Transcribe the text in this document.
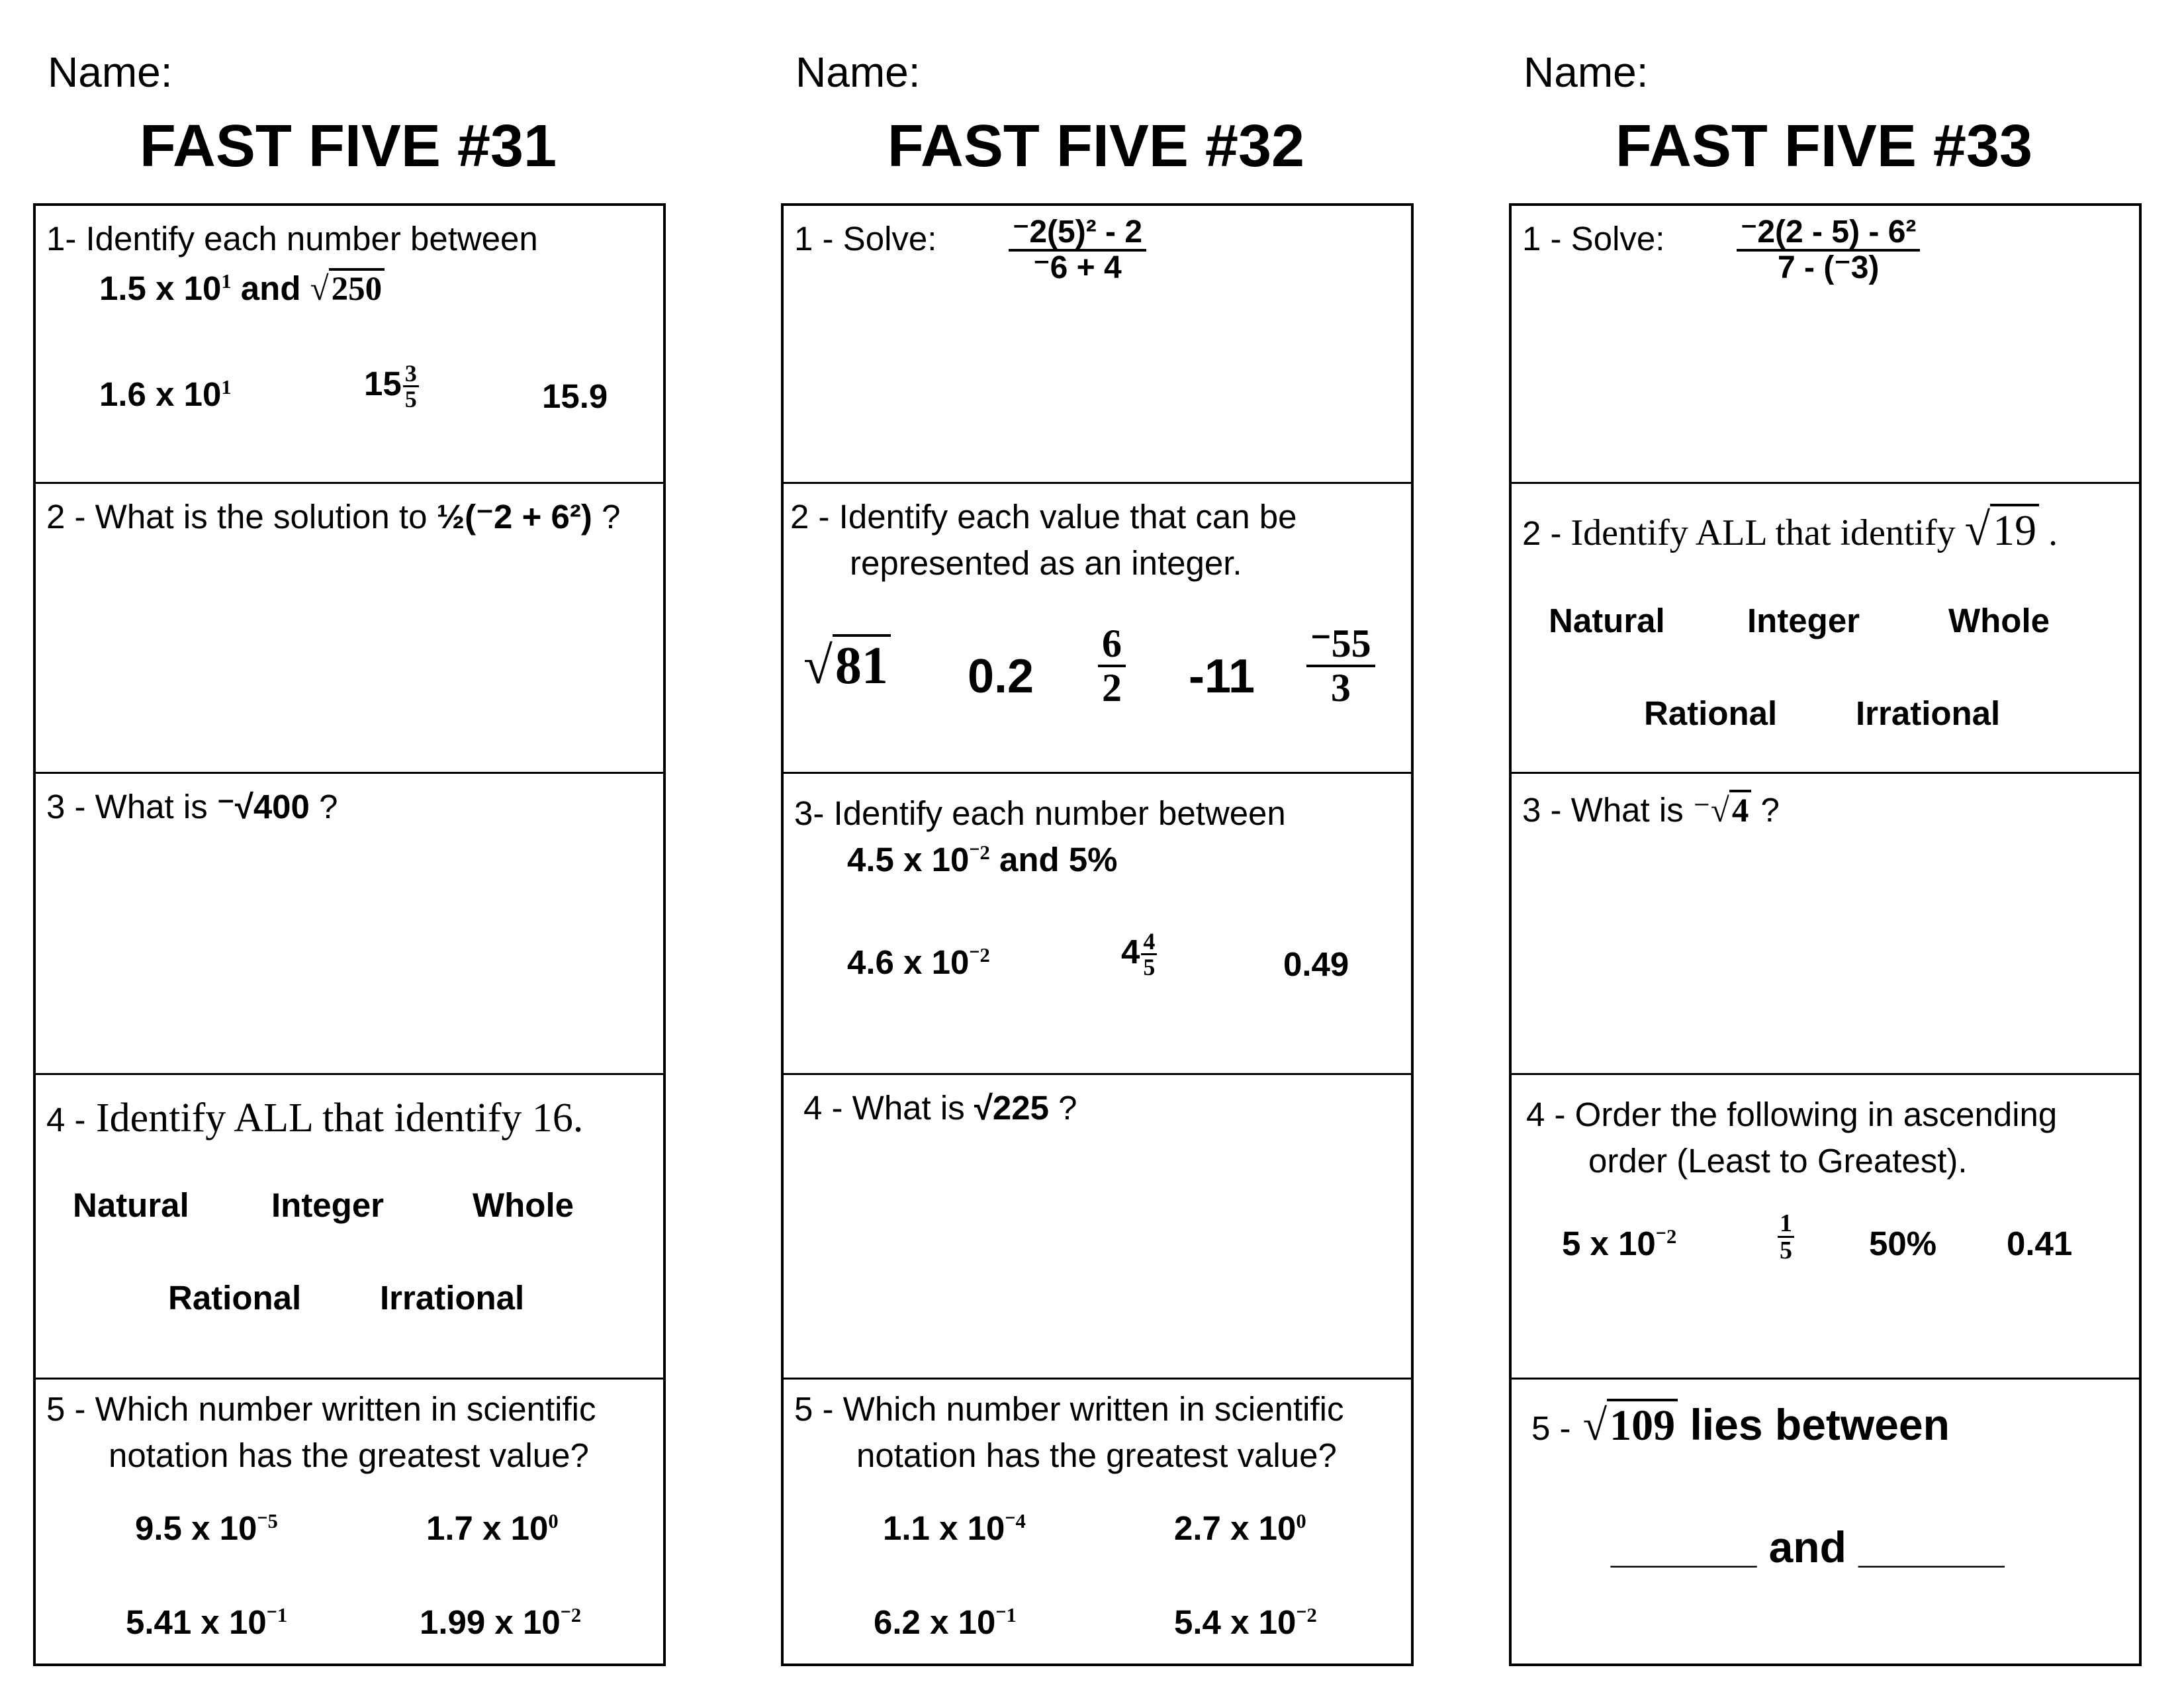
Name:
FAST FIVE #31
1- Identify each number between
1.5 x $10^1$ and √250
1.6 x $10^1$	$15 \frac{3}{5}$	15.9
2 - What is the solution to ½(⁻2 + 6²) ?
3 - What is ⁻√400 ?
4 - Identify ALL that identify 16.
Natural Integer	Whole
Rational Irrational
5 - Which number written in scientific
notation has the greatest value?
9.5 x $10^{^-5}$	1.7 x $10^0$
5.41 x $10^{^-1}$	1.99 x $10^{^-2}$
Name:
FAST FIVE #32
1 - Solve: $\frac{\text{⁻2(5)² - 2}}{^-6 + 4}$
2 - Identify each value that can be
represented as an integer.
√81 $0.2 \frac{6}{2} -11 \frac{^-55}{3}$
3- Identify each number between
4.5 x $10^{^-2}$ and 5%
4.6 x $10^{^-2}$	$4 \frac{4}{5}$	0.49
4 - What is √225 ?
5 - Which number written in scientific
notation has the greatest value?
1.1 x $10^{^-4}$	2.7 x $10^0$
6.2 x $10^{^-1}$	5.4 x $10^{^-2}$
Name:
FAST FIVE #33
1 - Solve: $\frac{\text{⁻2(2 - 5) - 6²}}{7 - (^-3)}$
2 - Identify ALL that identify √19 .
Natural Integer	Whole
Rational Irrational
3 - What is ⁻√4 ?
4 - Order the following in ascending
order (Least to Greatest).
5 x $10^{^-2}$	$\frac{1}{5} 50\%$ 0.41
5 - √109 lies between
______ and ______
